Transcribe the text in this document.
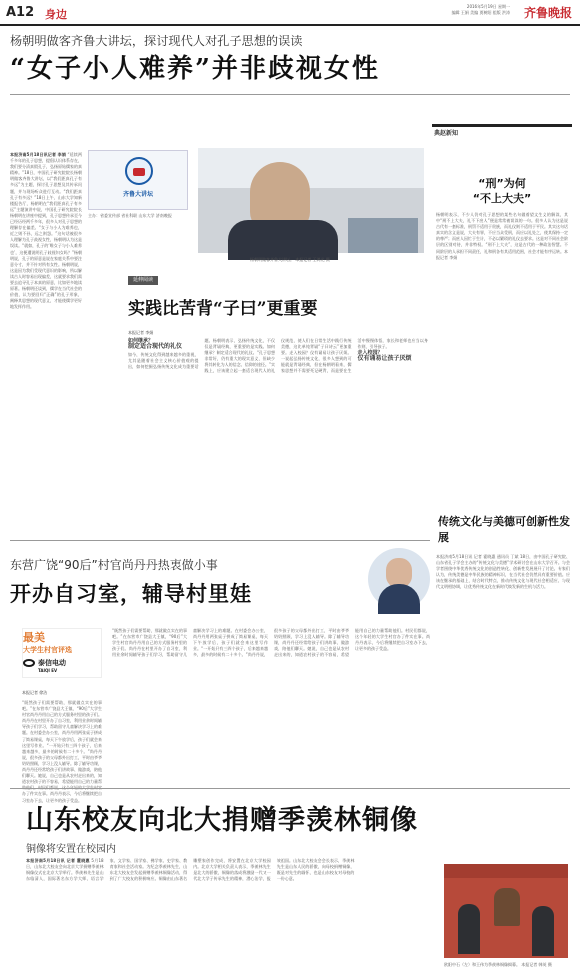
A12 身边
2016年5月19日 星期一
编辑 王娟 美编 贾树阳 组版 洪涛 齐鲁晚报
杨朝明做客齐鲁大讲坛，探讨现代人对孔子思想的误读
“女子小人难养”并非歧视女性
本报济南5月18日讯记者 李娟 “延续两千多年的孔子思想，提倡认识体系存在，我们要分清真假孔子，弘扬原始儒家的真精神。”18日，中国孔子研究院院长杨朝明做客齐鲁大讲坛，以“我们距真孔子有多远”为主题，探讨孔子思想及其传承问题，并与现场听众进行互动。“我们距真孔子有多远？”18日上午，山东大学知新楼报告厅，杨朝明在“我们距真孔子有多远”主题演讲中说，中国孔子研究院院长杨朝明在讲座中提到，孔子思想传承至今已经历经两千多年，很多人对孔子思想的理解存在偏差。“女子与小人为难养也，近之则不孙，远之则怨。”这句话被很多人理解为孔子歧视女性，杨朝明认为这是误读。“就如，孔子的‘唯女子与小人难养也’，这便遭说明孔子歧视妇女吗？”杨朝明说，孔子的原意是说在家庭关系中要注意分寸，并不针对所有女性。杨朝明说，这是因为我们受现代意识的影响，所以解读古人时容易出现偏差，这就要求我们需要去追寻孔子本真的原意，比如更多地读原著。杨朝明还谈到，儒学在当代社会的价值，认为要回归“正确”的孔子形象，阐释其思想的现代意义，才能使儒学更好地发挥作用。
齐鲁大讲坛
主办：省委宣传部 省社科联 山东大学 济南晚报
杨朝明做客齐鲁大讲坛。 本报记者 王鸿光 摄
延伸阅读
实践比苦背“子曰”更重要
本报记者 李娟
如何继承？
制定适合现代的礼仪
如今，传统文化得到越来越多的重视，尤其是随着社会主义核心价值观的提出，如何挖掘弘扬传统文化成为重要话题。杨朝明表示，弘扬传统文化，不仅仅是背诵经典，更重要的是实践。如何继承？制定适合现代的礼仪。“孔子思想非常好，仍有重大的现实意义，但缺少将其转化为人的信念、信仰的途径。”实践上，应该建立起一套适合现代人的礼仪规范，使人们在日常生活中践行传统美德，这比单纯背诵“子曰诗云”更加重要。走入校园？仪有诵易让孩子厌烦。一说起弘扬传统文化，很多人想到的可能就是背诵经典，但在杨朝明看来，儒家思想并不需要死记硬背，而是要在生活中慢慢体悟，家长和老师也应当以身作则，引导孩子。
走入校园？
仅有诵易让孩子厌烦
典赵新知
“刑”为何
“不上大夫”
杨朝明表示，不少人仍对孔子思想的某些名句做着望文生义的解读，其中“刑不上大夫，礼不下庶人”便是常常被误读的一句。很多人认为这是说古代有一套标准，刑罚不适用于贵族，而礼仪则不适用于平民。其实这句话真实的含义是说，大夫有罪，不应当众受刑，而应以礼处之，使其保持一定的尊严；而庶人因忙于生计，不必以繁琐的礼仪去要求。这是对不同社会阶层的区别对待，并非特权。“刑不上大夫”，这是古代的一种政治智慧。不同阶层的人承担不同责任，礼和刑各有其适用范围，社会才能有序运转。本报记者 李娟
传统文化与美德可创新性发展
本报济南5月18日讯 记者 霍晓惠 通讯员 丁斌 18日，由中国孔子研究院、山东省孔子学会主办的“传统文化与美德”学术研讨会在山东大学召开。与会学者围绕中华优秀传统文化的创造性转化、创新性发展展开了讨论。专家们认为，传统美德是中华民族的精神标识，在当代社会仍然具有重要价值。应该在继承的基础上，结合时代特点，推动传统文化与现代社会相适应、与现代文明相协调，让优秀传统文化在新时代焕发新的生机与活力。
东营广饶“90后”村官尚丹丹热衷做小事
开办自习室，辅导村里娃
最美
大学生村官评选
泰信电动
TAIQI EV
本报记者 徐洁
“既然孩子们需要帮助，那就做点实在的事吧。”在东营市广饶县大王镇，“90后”大学生村官尚丹丹用自己的方式服务村里的孩子们。尚丹丹在村里开办了自习室，利用业余时间辅导孩子们学习，帮助留守儿童解决学习上的难题。在村委会办公室，尚丹丹用两张桌子拼成了简易课桌，每天下午放学后，孩子们就会来这里写作业。“一开始只有三四个孩子，后来越来越多，最多的时候有二十多个。”尚丹丹说，很多孩子的父母都外出打工，平时由爷爷奶奶照顾，学习上没人辅导。除了辅导功课，尚丹丹还经常给孩子们讲故事、做游戏，陪他们聊天。她说，自己也是从农村走出来的，知道农村孩子的不容易，希望能用自己的力量帮 办了件实在事。尚丹丹表示，今后将继续把自习室办下去，让更多的孩子受益。
“既然孩子们需要帮助，那就做点实在的事吧。”在东营市广饶县大王镇，“90后”大学生村官尚丹丹用自己的方式服务村里的孩子们。尚丹丹在村里开办了自习室，利用业余时间辅导孩子们学习，帮助留守儿童解决学习上的难题。在村委会办公室，尚丹丹用两张桌子拼成了简易课桌，每天下午放学后，孩子们就会来这里写作业。“一开始只有三四个孩子，后来越来越多，最多的时候有二十多个。”尚丹丹说，很多孩子的父母都外出打工，平时由爷爷奶奶照顾，学习上没人辅导。除了辅导功课，尚丹丹还经常给孩子们讲故事、做游戏，陪他们聊天。她说，自己也是从农村走出来的，知道农村孩子的不容易，希望能用自己的力量帮助他们。村民们都说，这个年轻的大学生村官办了件实在事。尚丹丹表示，今后将继续把自习室办下去，让更多的孩子受益。
山东校友向北大捐赠季羡林铜像
铜像将安置在校园内
本报济南5月18日讯 记者 霍晓惠 5月18日，山东北大校友会向北京大学捐赠季羡林铜像仪式在北京大学举行。季羡林先生是山东临清人，国际著名东方学大师、语言学家、文学家、国学家、佛学家、史学家、教育家和社会活动家。为纪念季羡林先生，山东北大校友会发起捐赠季羡林铜像活动，得到了广大校友的积极响应。铜像由山东著名雕塑家创作完成，将安置在北京大学校园内。北京大学相关负责人表示，季羡林先生是北大的骄傲，铜像的落成将激励一代又一代北大学子传承先生的精神，潜心治学，报效祖国。山东北大校友会会长表示，季羡林先生是山东人民的骄傲，向母校捐赠铜像，既是对先生的缅怀，也是山东校友对母校的一份心意。
欧阳中石（左）和王伟为季羡林铜像揭幕。 本报记者 韩英 摄
